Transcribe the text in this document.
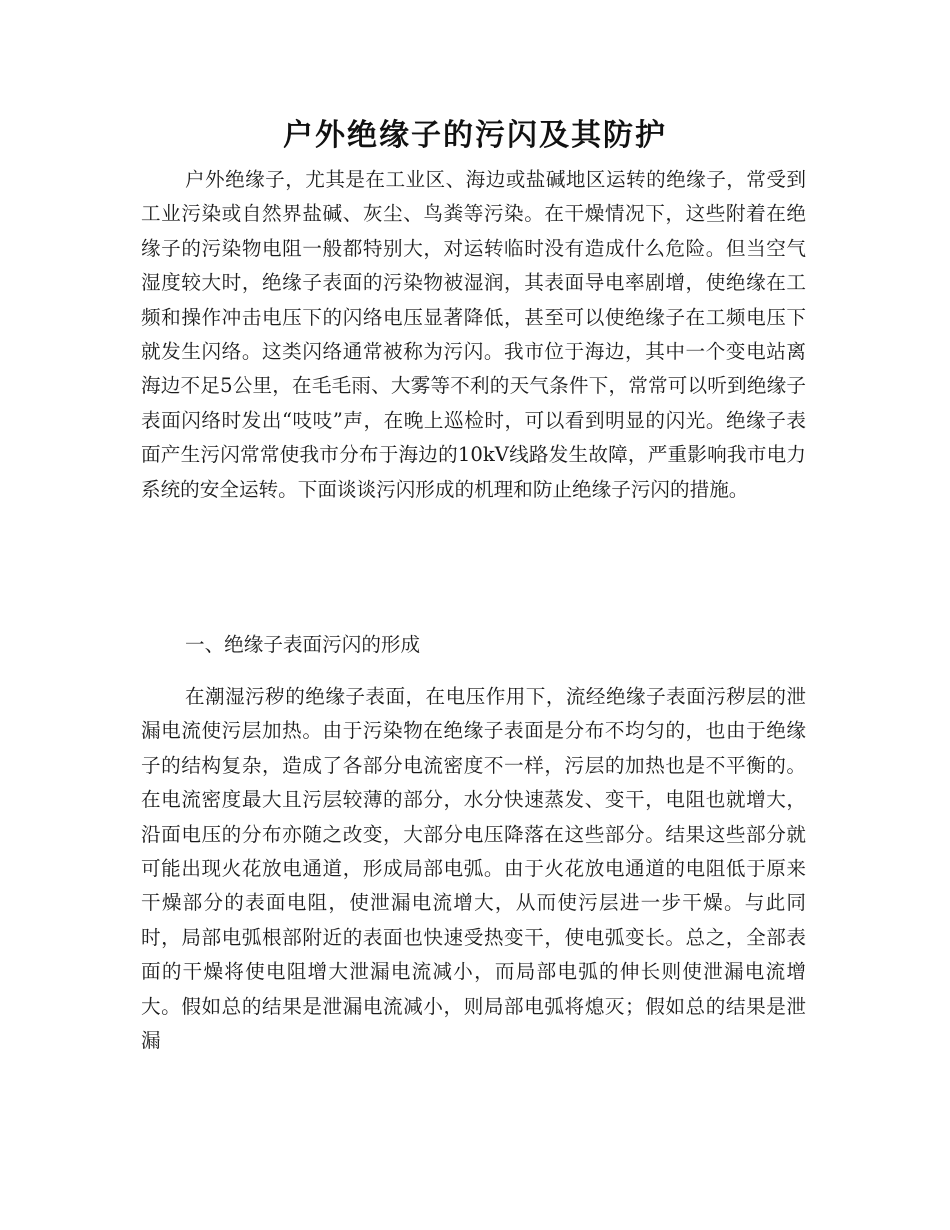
户外绝缘子的污闪及其防护

户外绝缘子，尤其是在工业区、海边或盐碱地区运转的绝缘子，常受到工业污染或自然界盐碱、灰尘、鸟粪等污染。在干燥情况下，这些附着在绝缘子的污染物电阻一般都特别大，对运转临时没有造成什么危险。但当空气湿度较大时，绝缘子表面的污染物被湿润，其表面导电率剧增，使绝缘在工频和操作冲击电压下的闪络电压显著降低，甚至可以使绝缘子在工频电压下就发生闪络。这类闪络通常被称为污闪。我市位于海边，其中一个变电站离海边不足5公里，在毛毛雨、大雾等不利的天气条件下，常常可以听到绝缘子表面闪络时发出“吱吱”声，在晚上巡检时，可以看到明显的闪光。绝缘子表面产生污闪常常使我市分布于海边的10kV线路发生故障，严重影响我市电力系统的安全运转。下面谈谈污闪形成的机理和防止绝缘子污闪的措施。

一、绝缘子表面污闪的形成

在潮湿污秽的绝缘子表面，在电压作用下，流经绝缘子表面污秽层的泄漏电流使污层加热。由于污染物在绝缘子表面是分布不均匀的，也由于绝缘子的结构复杂，造成了各部分电流密度不一样，污层的加热也是不平衡的。在电流密度最大且污层较薄的部分，水分快速蒸发、变干，电阻也就增大，沿面电压的分布亦随之改变，大部分电压降落在这些部分。结果这些部分就可能出现火花放电通道，形成局部电弧。由于火花放电通道的电阻低于原来干燥部分的表面电阻，使泄漏电流增大，从而使污层进一步干燥。与此同时，局部电弧根部附近的表面也快速受热变干，使电弧变长。总之，全部表面的干燥将使电阻增大泄漏电流减小，而局部电弧的伸长则使泄漏电流增大。假如总的结果是泄漏电流减小，则局部电弧将熄灭；假如总的结果是泄漏
